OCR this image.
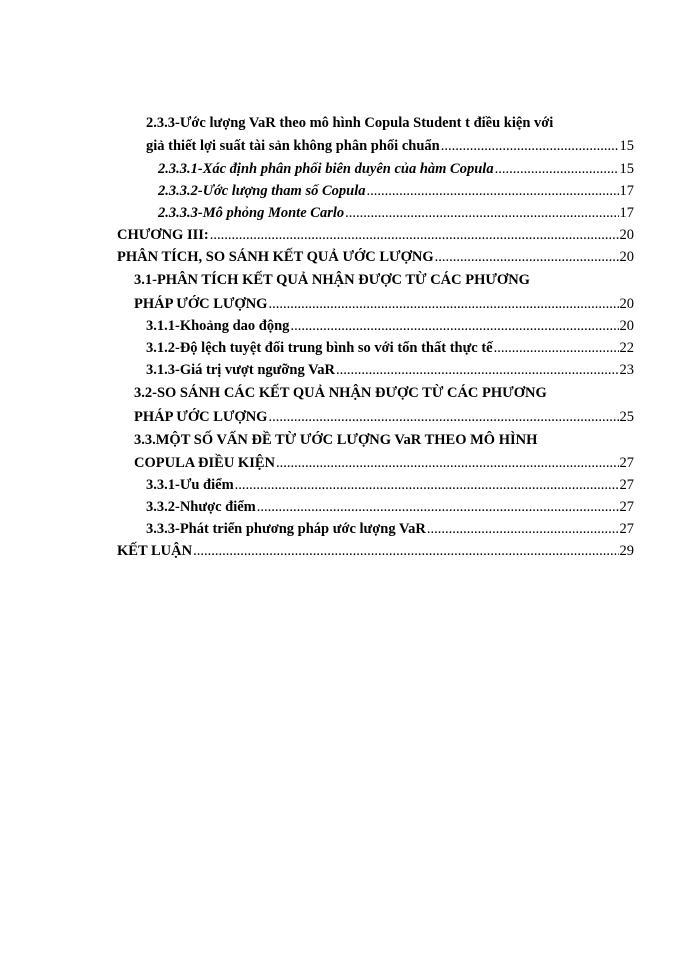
2.3.3-Ước lượng VaR theo mô hình Copula Student t điều kiện với
giả thiết lợi suất tài sản không phân phối chuẩn .....	15
2.3.3.1-Xác định phân phối biên duyên của hàm Copula .....	15
2.3.3.2-Ước lượng tham số Copula .....	17
2.3.3.3-Mô phỏng Monte Carlo .....	17
CHƯƠNG III: .....	20
PHÂN TÍCH, SO SÁNH KẾT QUẢ ƯỚC LƯỢNG .....	20
3.1-PHÂN TÍCH KẾT QUẢ NHẬN ĐƯỢC TỪ CÁC PHƯƠNG
PHÁP ƯỚC LƯỢNG .....	20
3.1.1-Khoảng dao động .....	20
3.1.2-Độ lệch tuyệt đối trung bình so với tổn thất thực tế .....	22
3.1.3-Giá trị vượt ngưỡng VaR .....	23
3.2-SO SÁNH CÁC KẾT QUẢ NHẬN ĐƯỢC TỪ CÁC PHƯƠNG
PHÁP ƯỚC LƯỢNG .....	25
3.3.MỘT SỐ VẤN ĐỀ TỪ ƯỚC LƯỢNG VaR THEO MÔ HÌNH
COPULA ĐIỀU KIỆN .....	27
3.3.1-Ưu điểm .....	27
3.3.2-Nhược điểm .....	27
3.3.3-Phát triển phương pháp ước lượng VaR .....	27
KẾT LUẬN .....	29
